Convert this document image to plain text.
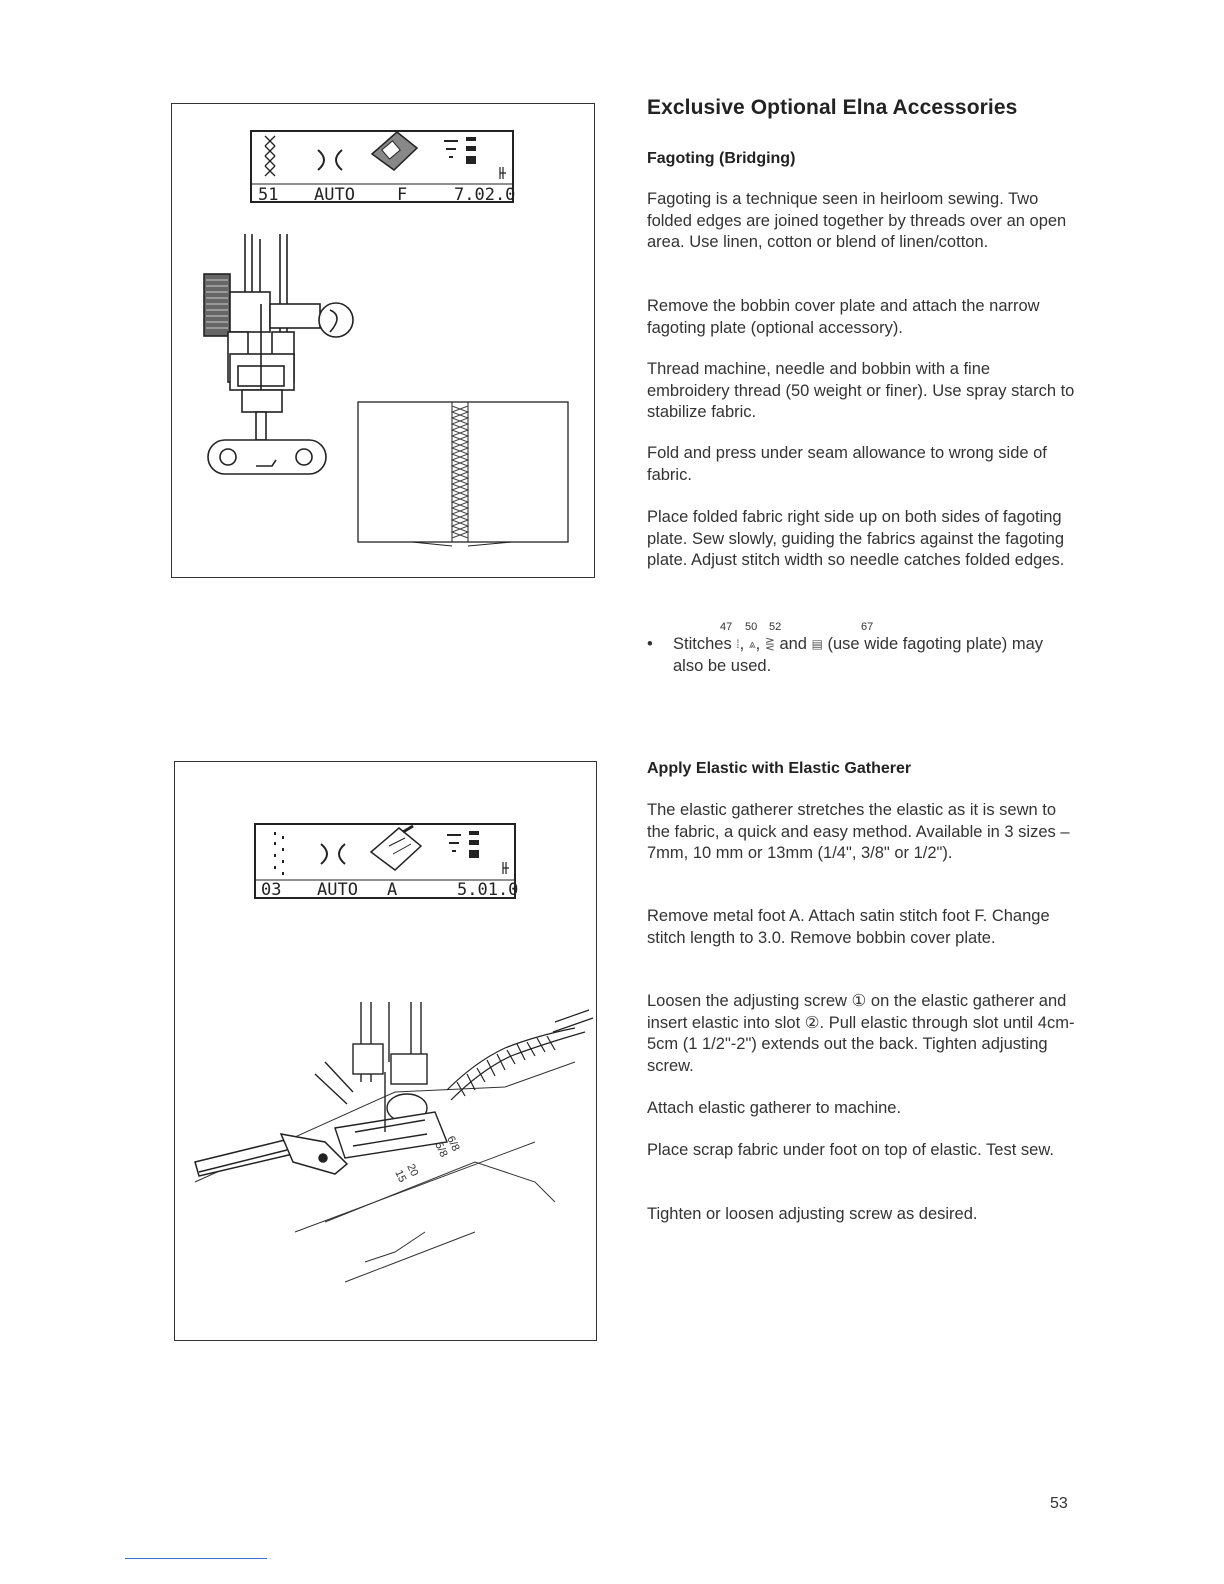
51 AUTO F	7.02.0
03 AUTO A	5.01.0
5/8
6/8
15
20
Exclusive Optional Elna Accessories
Fagoting (Bridging)

Fagoting is a technique seen in heirloom sewing. Two folded edges are joined together by threads over an open area. Use linen, cotton or blend of linen/cotton.

Remove the bobbin cover plate and attach the narrow fagoting plate (optional accessory).

Thread machine, needle and bobbin with a fine embroidery thread (50 weight or finer). Use spray starch to stabilize fabric.

Fold and press under seam allowance to wrong side of fabric.

Place folded fabric right side up on both sides of fagoting plate. Sew slowly, guiding the fabrics against the fagoting plate. Adjust stitch width so needle catches folded edges.

47 50 52	67
• Stitches ⁞, ⩓, ⋛ and ▤ (use wide fagoting plate) may also be used.
Apply Elastic with Elastic Gatherer

The elastic gatherer stretches the elastic as it is sewn to the fabric, a quick and easy method. Available in 3 sizes –7mm, 10 mm or 13mm (1/4", 3/8" or 1/2").

Remove metal foot A. Attach satin stitch foot F. Change stitch length to 3.0. Remove bobbin cover plate.

Loosen the adjusting screw ① on the elastic gatherer and insert elastic into slot ②. Pull elastic through slot until 4cm-5cm (1 1/2"-2") extends out the back. Tighten adjusting screw.

Attach elastic gatherer to machine.

Place scrap fabric under foot on top of elastic. Test sew.

Tighten or loosen adjusting screw as desired.

53
